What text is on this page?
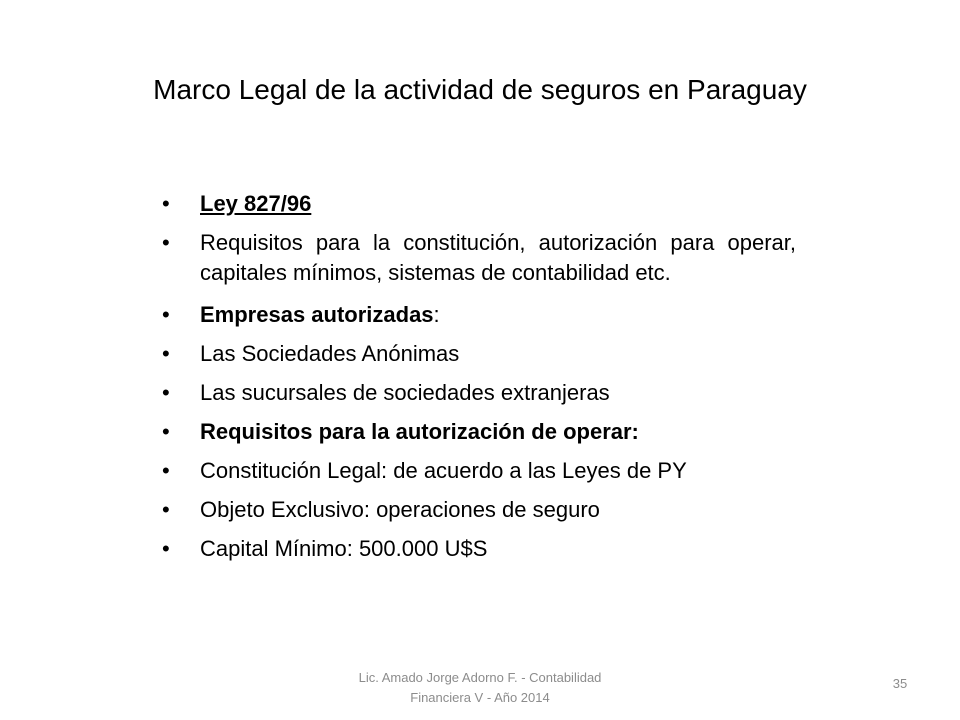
Marco Legal de la actividad de seguros en Paraguay
•	Ley 827/96
•	Requisitos para la constitución, autorización para operar, capitales mínimos, sistemas de contabilidad etc.
•	Empresas autorizadas:
•	Las Sociedades Anónimas
•	Las sucursales de sociedades extranjeras
•	Requisitos para la autorización de operar:
•	Constitución Legal: de acuerdo a las Leyes de PY
•	Objeto Exclusivo: operaciones de seguro
•	Capital Mínimo: 500.000 U$S
Lic. Amado Jorge Adorno F. - Contabilidad
Financiera V - Año 2014
35
